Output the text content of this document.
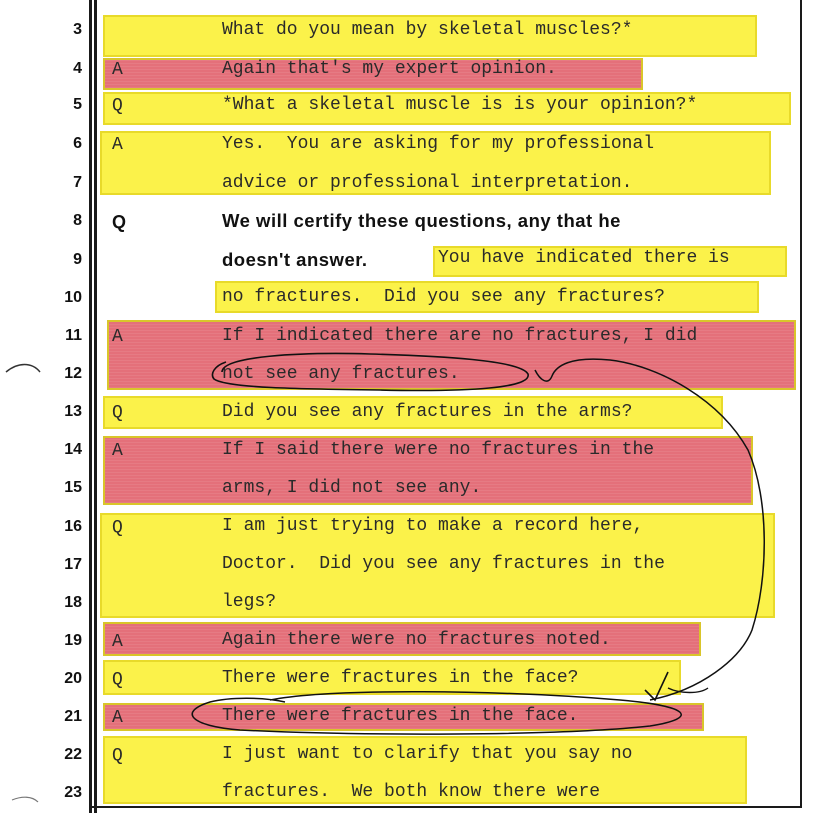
3
4
5
6
7
8
9
10
11
12
13
14
15
16
17
18
19
20
21
22
23
A
Q
A
Q
A
Q
A
Q
A
Q
A
Q
What do you mean by skeletal muscles?*
Again that's my expert opinion.
*What a skeletal muscle is is your opinion?*
Yes.  You are asking for my professional
advice or professional interpretation.
We will certify these questions, any that he
doesn't answer.	You have indicated there is
no fractures.  Did you see any fractures?
If I indicated there are no fractures, I did
not see any fractures.
Did you see any fractures in the arms?
If I said there were no fractures in the
arms, I did not see any.
I am just trying to make a record here,
Doctor.  Did you see any fractures in the
legs?
Again there were no fractures noted.
There were fractures in the face?
There were fractures in the face.
I just want to clarify that you say no
fractures.  We both know there were
